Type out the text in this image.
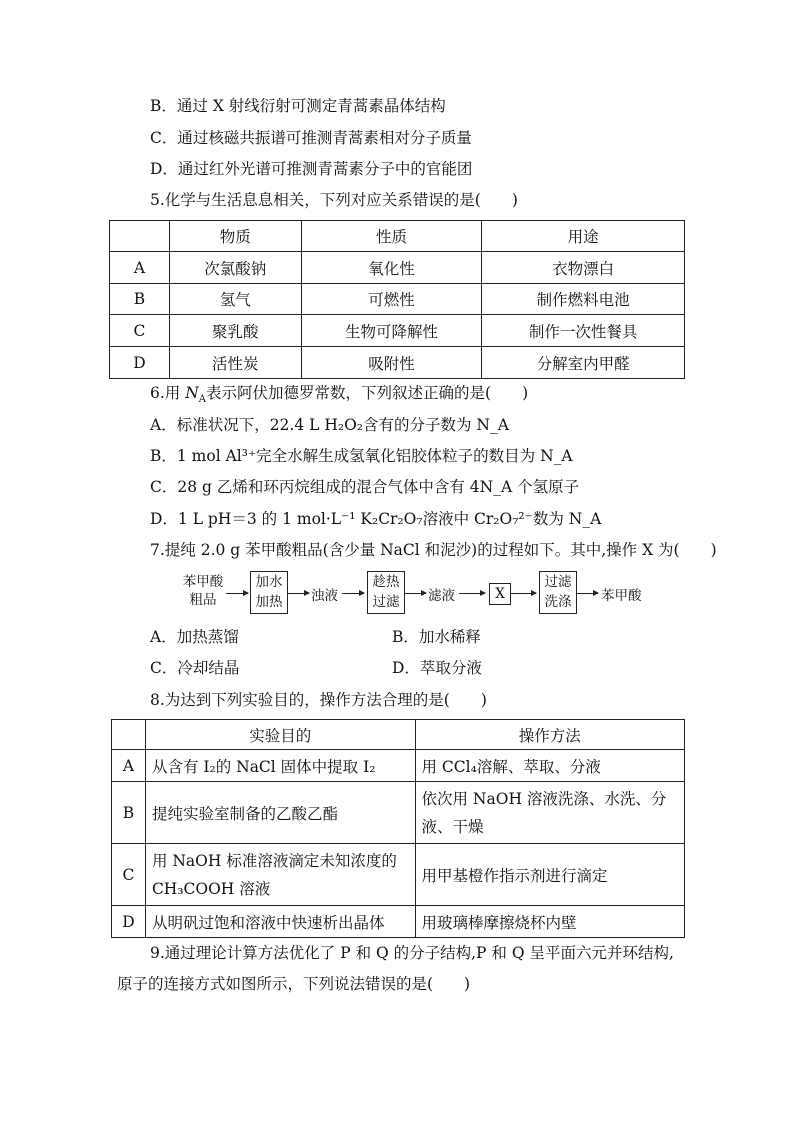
B．通过 X 射线衍射可测定青蒿素晶体结构
C．通过核磁共振谱可推测青蒿素相对分子质量
D．通过红外光谱可推测青蒿素分子中的官能团
5.化学与生活息息相关，下列对应关系错误的是(　　)
	物质	性质	用途
A	次氯酸钠	氧化性	衣物漂白
B	氢气	可燃性	制作燃料电池
C	聚乳酸	生物可降解性	制作一次性餐具
D	活性炭	吸附性	分解室内甲醛
6.用 $N_A$表示阿伏加德罗常数，下列叙述正确的是(　　)
A．标准状况下，22.4 L H₂O₂含有的分子数为 N_A
B．1 mol Al³⁺完全水解生成氢氧化铝胶体粒子的数目为 N_A
C．28 g 乙烯和环丙烷组成的混合气体中含有 4N_A 个氢原子
D．1 L pH＝3 的 1 mol·L⁻¹ K₂Cr₂O₇溶液中 Cr₂O₇²⁻数为 N_A
7.提纯 2.0 g 苯甲酸粗品(含少量 NaCl 和泥沙)的过程如下。其中,操作 X 为(　　)
苯甲酸
粗品
加水
加热	浊液
趁热
过滤	滤液	X
过滤
洗涤	苯甲酸
A．加热蒸馏	B．加水稀释
C．冷却结晶	D．萃取分液
8.为达到下列实验目的，操作方法合理的是(　　)
	实验目的	操作方法
A	从含有 I₂的 NaCl 固体中提取 I₂	用 CCl₄溶解、萃取、分液
B	提纯实验室制备的乙酸乙酯	依次用 NaOH 溶液洗涤、水洗、分液、干燥
C	用 NaOH 标准溶液滴定未知浓度的 CH₃COOH 溶液	用甲基橙作指示剂进行滴定
D	从明矾过饱和溶液中快速析出晶体	用玻璃棒摩擦烧杯内壁
9.通过理论计算方法优化了 P 和 Q 的分子结构,P 和 Q 呈平面六元并环结构,
原子的连接方式如图所示，下列说法错误的是(　　)
